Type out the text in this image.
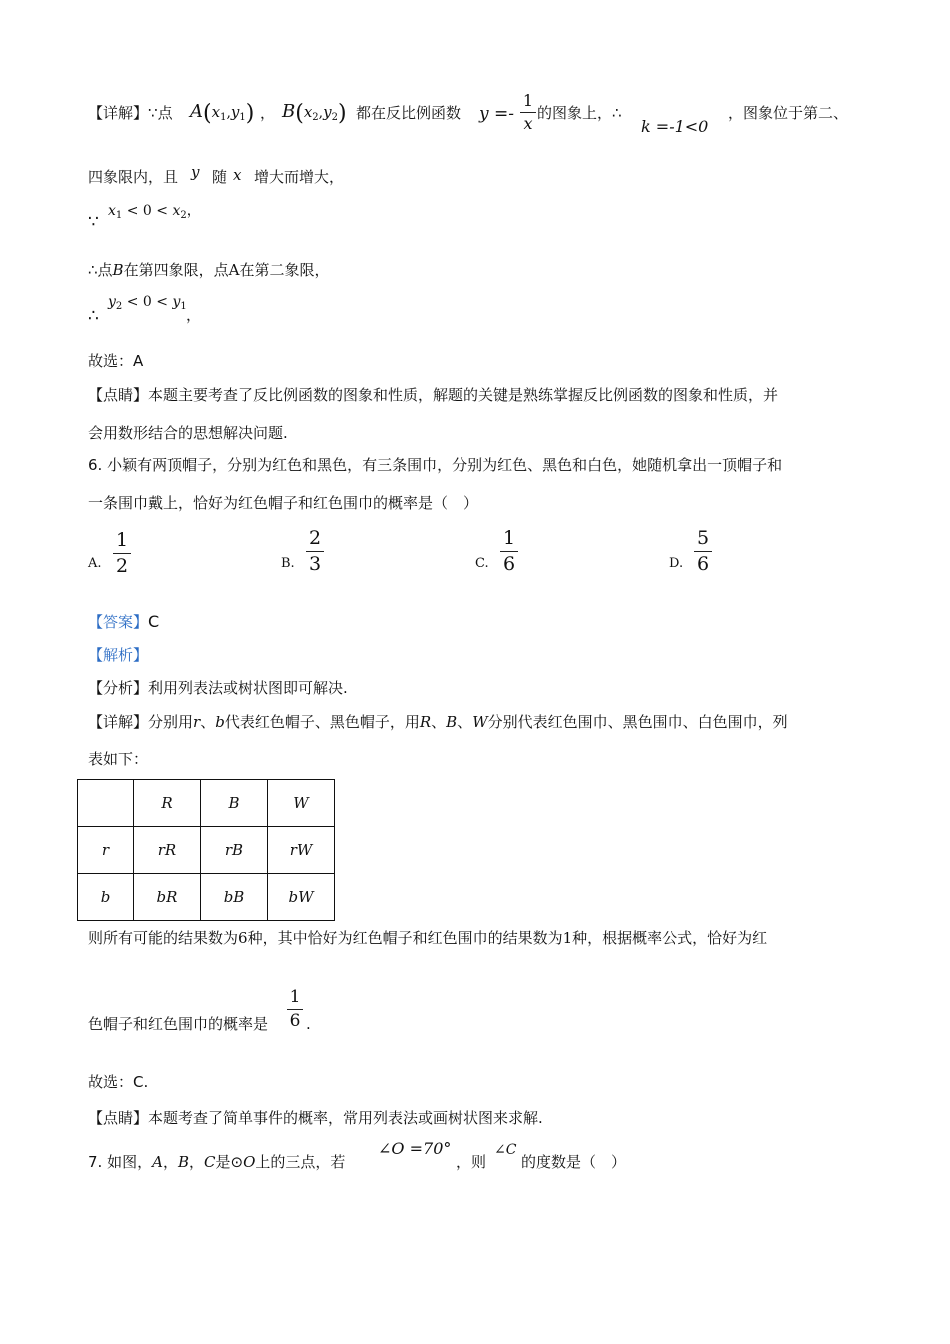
【详解】∵点 $A(x_1,y_1)$ ， $B(x_2,y_2)$ 都在反比例函数 y =-
1
x
的图象上，∴
k =-1<0
，图象位于第二、
四象限内，且 y 随 x 增大而增大，
∵
$x_1 < 0 < x_2$，
∴点B在第四象限，点A在第二象限，
∴
$y_2 < 0 < y_1$ ，
故选：A
【点睛】本题主要考查了反比例函数的图象和性质，解题的关键是熟练掌握反比例函数的图象和性质，并
会用数形结合的思想解决问题.
6. 小颖有两顶帽子，分别为红色和黑色，有三条围巾，分别为红色、黑色和白色，她随机拿出一顶帽子和
一条围巾戴上，恰好为红色帽子和红色围巾的概率是（　）
A.
1
2	B.
2
3	C.
1
6	D.
5
6
【答案】C
【解析】
【分析】利用列表法或树状图即可解决.
【详解】分别用r、b代表红色帽子、黑色帽子，用R、B、W分别代表红色围巾、黑色围巾、白色围巾，列
表如下：
	R	B	W
r	rR	rB	rW
b	bR	bB	bW
则所有可能的结果数为6种，其中恰好为红色帽子和红色围巾的结果数为1种，根据概率公式，恰好为红
色帽子和红色围巾的概率是
1
6 .
故选：C.
【点睛】本题考查了简单事件的概率，常用列表法或画树状图来求解.
7. 如图，A，B，C是⊙O上的三点，若
∠O =70°
，则
∠C
的度数是（　）
